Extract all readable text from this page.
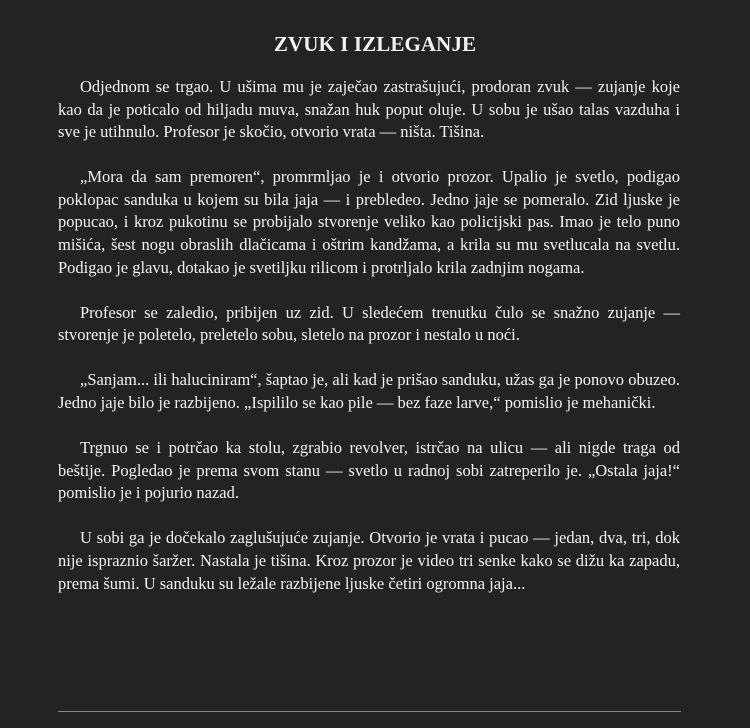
ZVUK I IZLEGANJE

Odjednom se trgao. U ušima mu je zaječao zastrašujući, prodoran zvuk — zujanje koje kao da je poticalo od hiljadu muva, snažan huk poput oluje. U sobu je ušao talas vazduha i sve je utihnulo. Profesor je skočio, otvorio vrata — ništa. Tišina.

„Mora da sam premoren“, promrmljao je i otvorio prozor. Upalio je svetlo, podigao poklopac sanduka u kojem su bila jaja — i prebledeo. Jedno jaje se pomeralo. Zid ljuske je popucao, i kroz pukotinu se probijalo stvorenje veliko kao policijski pas. Imao je telo puno mišića, šest nogu obraslih dlačicama i oštrim kandžama, a krila su mu svetlucala na svetlu. Podigao je glavu, dotakao je svetiljku rilicom i protrljalo krila zadnjim nogama.

Profesor se zaledio, pribijen uz zid. U sledećem trenutku čulo se snažno zujanje — stvorenje je poletelo, preletelo sobu, sletelo na prozor i nestalo u noći.

„Sanjam... ili haluciniram“, šaptao je, ali kad je prišao sanduku, užas ga je ponovo obuzeo. Jedno jaje bilo je razbijeno. „Ispililo se kao pile — bez faze larve,“ pomislio je mehanički.

Trgnuo se i potrčao ka stolu, zgrabio revolver, istrčao na ulicu — ali nigde traga od beštije. Pogledao je prema svom stanu — svetlo u radnoj sobi zatreperilo je. „Ostala jaja!“ pomislio je i pojurio nazad.

U sobi ga je dočekalo zaglušujuće zujanje. Otvorio je vrata i pucao — jedan, dva, tri, dok nije ispraznio šaržer. Nastala je tišina. Kroz prozor je video tri senke kako se dižu ka zapadu, prema šumi. U sanduku su ležale razbijene ljuske četiri ogromna jaja...
